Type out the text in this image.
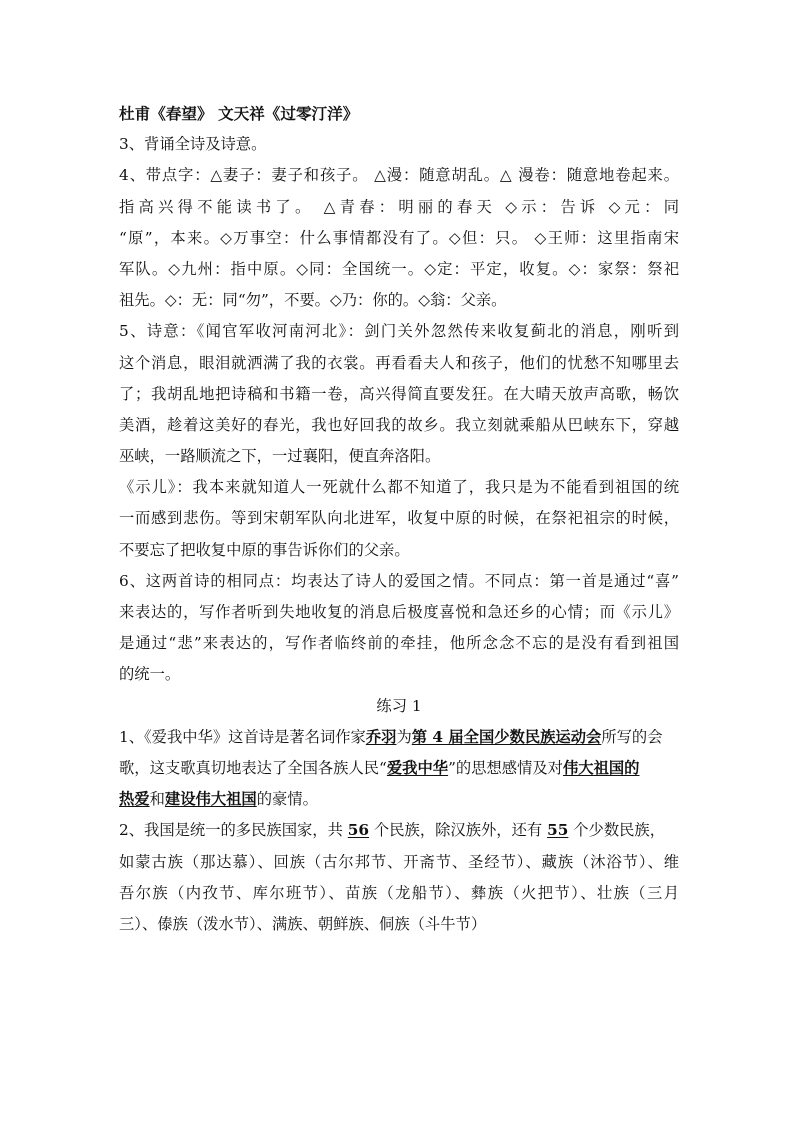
杜甫《春望》 文天祥《过零汀洋》
3、背诵全诗及诗意。
4、带点字：△妻子：妻子和孩子。 △漫：随意胡乱。△ 漫卷：随意地卷起来。
指高兴得不能读书了。 △青春：明丽的春天 ◇示：告诉 ◇元：同
“原”，本来。◇万事空：什么事情都没有了。◇但：只。 ◇王师：这里指南宋
军队。◇九州：指中原。◇同：全国统一。◇定：平定，收复。◇：家祭：祭祀
祖先。◇：无：同“勿”，不要。◇乃：你的。◇翁：父亲。
5、诗意：《闻官军收河南河北》：剑门关外忽然传来收复蓟北的消息，刚听到
这个消息，眼泪就洒满了我的衣裳。再看看夫人和孩子，他们的忧愁不知哪里去
了；我胡乱地把诗稿和书籍一卷，高兴得简直要发狂。在大晴天放声高歌，畅饮
美酒，趁着这美好的春光，我也好回我的故乡。我立刻就乘船从巴峡东下，穿越
巫峡，一路顺流之下，一过襄阳，便直奔洛阳。
《示儿》：我本来就知道人一死就什么都不知道了，我只是为不能看到祖国的统
一而感到悲伤。等到宋朝军队向北进军，收复中原的时候，在祭祀祖宗的时候，
不要忘了把收复中原的事告诉你们的父亲。
6、这两首诗的相同点：均表达了诗人的爱国之情。不同点：第一首是通过“喜”
来表达的，写作者听到失地收复的消息后极度喜悦和急还乡的心情；而《示儿》
是通过“悲”来表达的，写作者临终前的牵挂，他所念念不忘的是没有看到祖国
的统一。
练习 1
1、《爱我中华》这首诗是著名词作家乔羽为第 4 届全国少数民族运动会所写的会
歌，这支歌真切地表达了全国各族人民“爱我中华”的思想感情及对伟大祖国的
热爱和建设伟大祖国的豪情。
2、我国是统一的多民族国家，共 56 个民族，除汉族外，还有 55 个少数民族，
如蒙古族（那达慕）、回族（古尔邦节、开斋节、圣经节）、藏族（沐浴节）、维
吾尔族（内孜节、库尔班节）、苗族（龙船节）、彝族（火把节）、壮族（三月
三）、傣族（泼水节）、满族、朝鲜族、侗族（斗牛节）
